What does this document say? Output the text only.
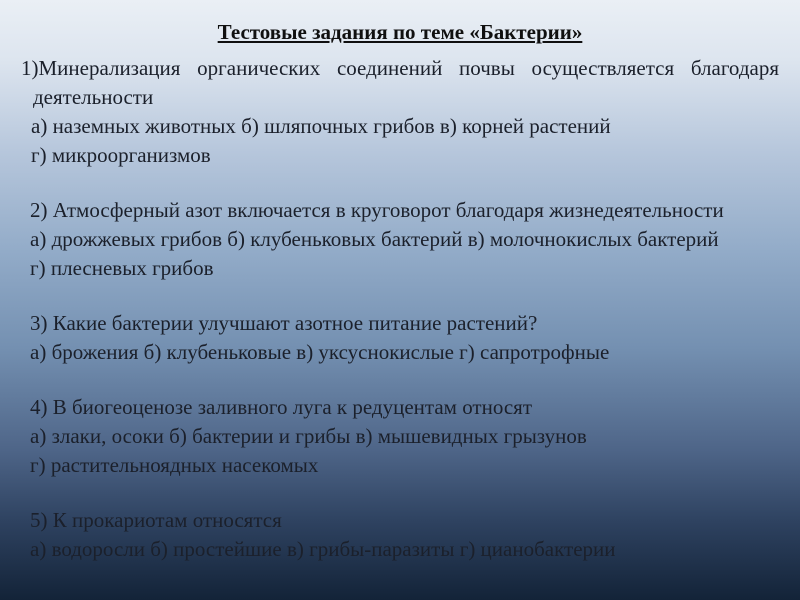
Тестовые задания по теме «Бактерии»
1)Минерализация органических соединений почвы осуществляется благодаря
деятельности
а) наземных животных б) шляпочных грибов в) корней растений
г) микроорганизмов
2) Атмосферный азот включается в круговорот благодаря жизнедеятельности
а) дрожжевых грибов б) клубеньковых бактерий в) молочнокислых бактерий
г) плесневых грибов
3) Какие бактерии улучшают азотное питание растений?
а) брожения б) клубеньковые в) уксуснокислые г) сапротрофные
4) В биогеоценозе заливного луга к редуцентам относят
а) злаки, осоки б) бактерии и грибы в) мышевидных грызунов
г) растительноядных насекомых
5) К прокариотам относятся
а) водоросли б) простейшие в) грибы-паразиты г) цианобактерии
